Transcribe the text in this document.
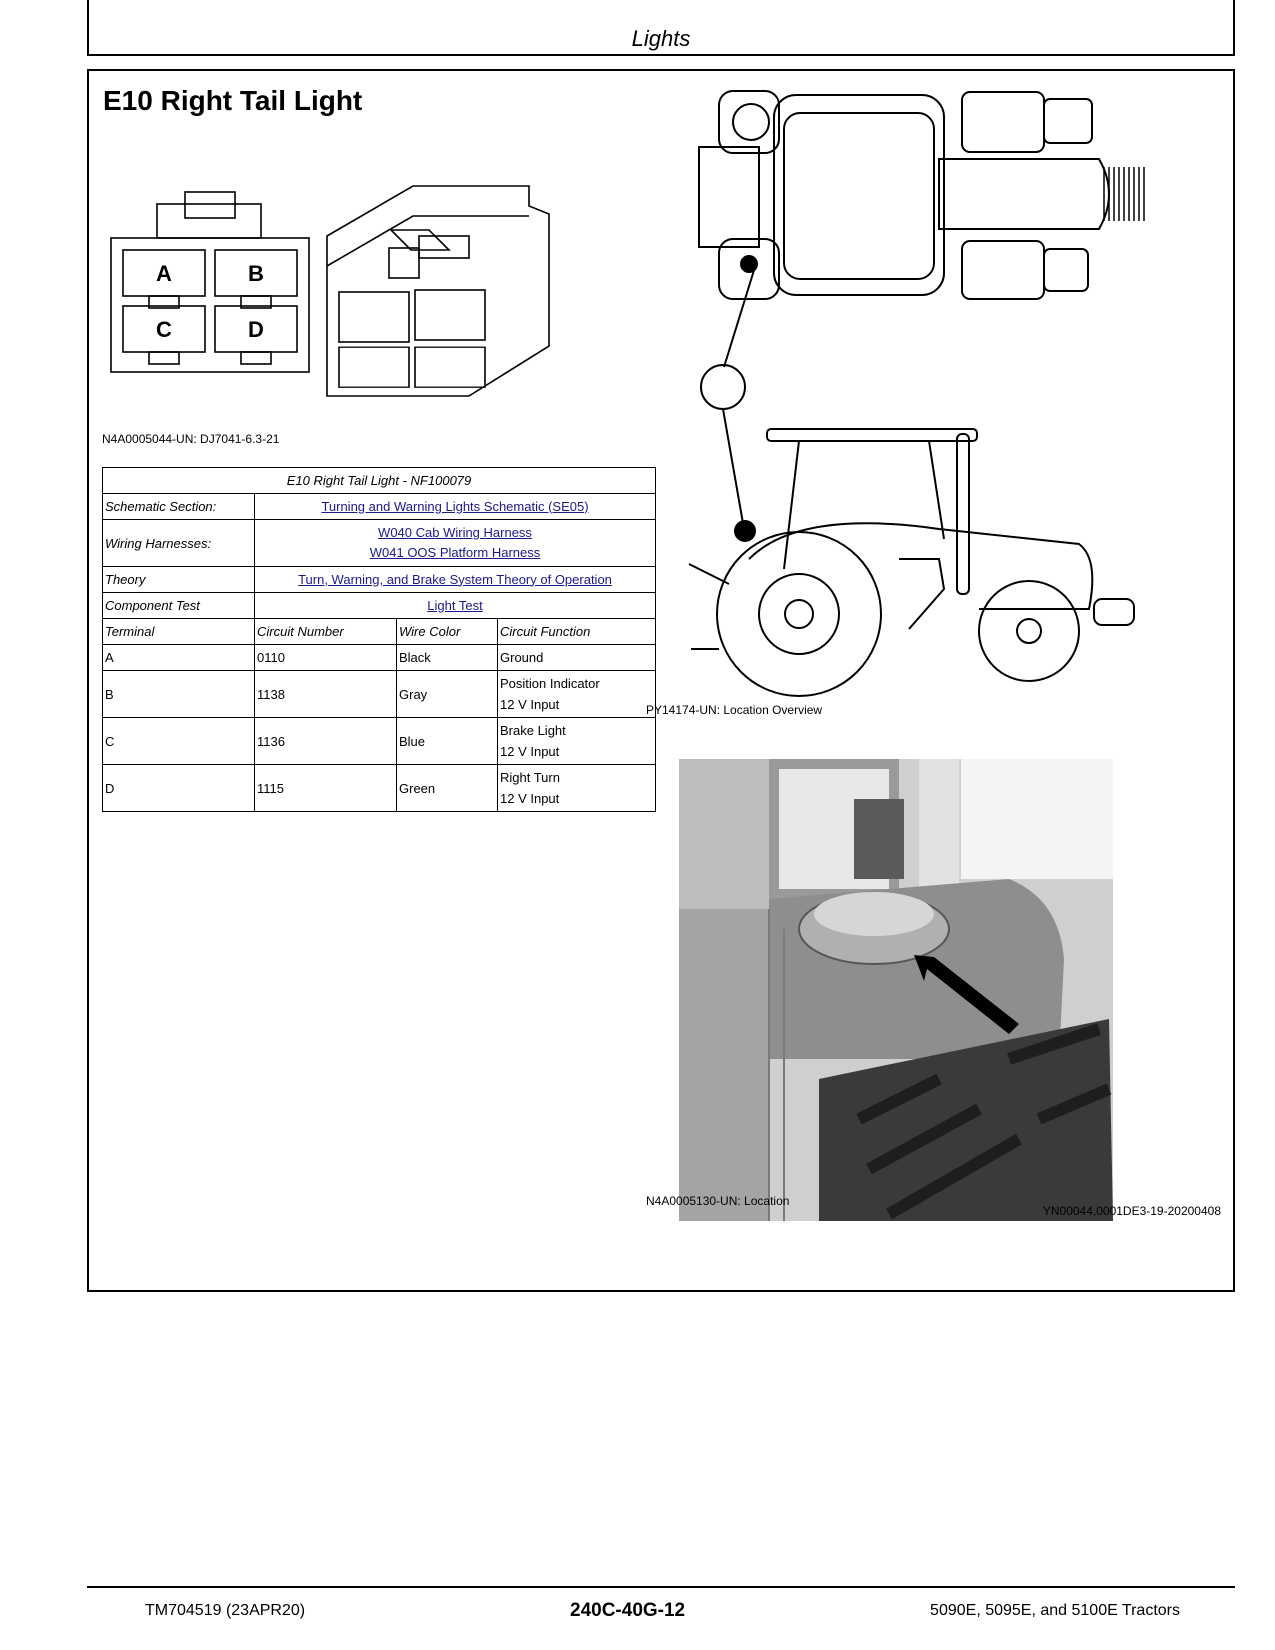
Lights
E10 Right Tail Light
A	B
C	D
N4A0005044-UN: DJ7041-6.3-21
E10 Right Tail Light - NF100079			
Schematic Section:	Turning and Warning Lights Schematic (SE05)		

Wiring Harnesses:	W040 Cab Wiring Harness
W041 OOS Platform Harness		

Theory	Turn, Warning, and Brake System Theory of Operation		

Component Test	Light Test		

Terminal	Circuit Number	Wire Color	Circuit Function
A	0110	Black	Ground

B	1138	Gray	Position Indicator
12 V Input

C	1136	Blue	Brake Light
12 V Input

D	1115	Green	Right Turn
12 V Input
PY14174-UN: Location Overview
N4A0005130-UN: Location
YN00044,0001DE3-19-20200408
TM704519 (23APR20)	240C-40G-12	5090E, 5095E, and 5100E Tractors
